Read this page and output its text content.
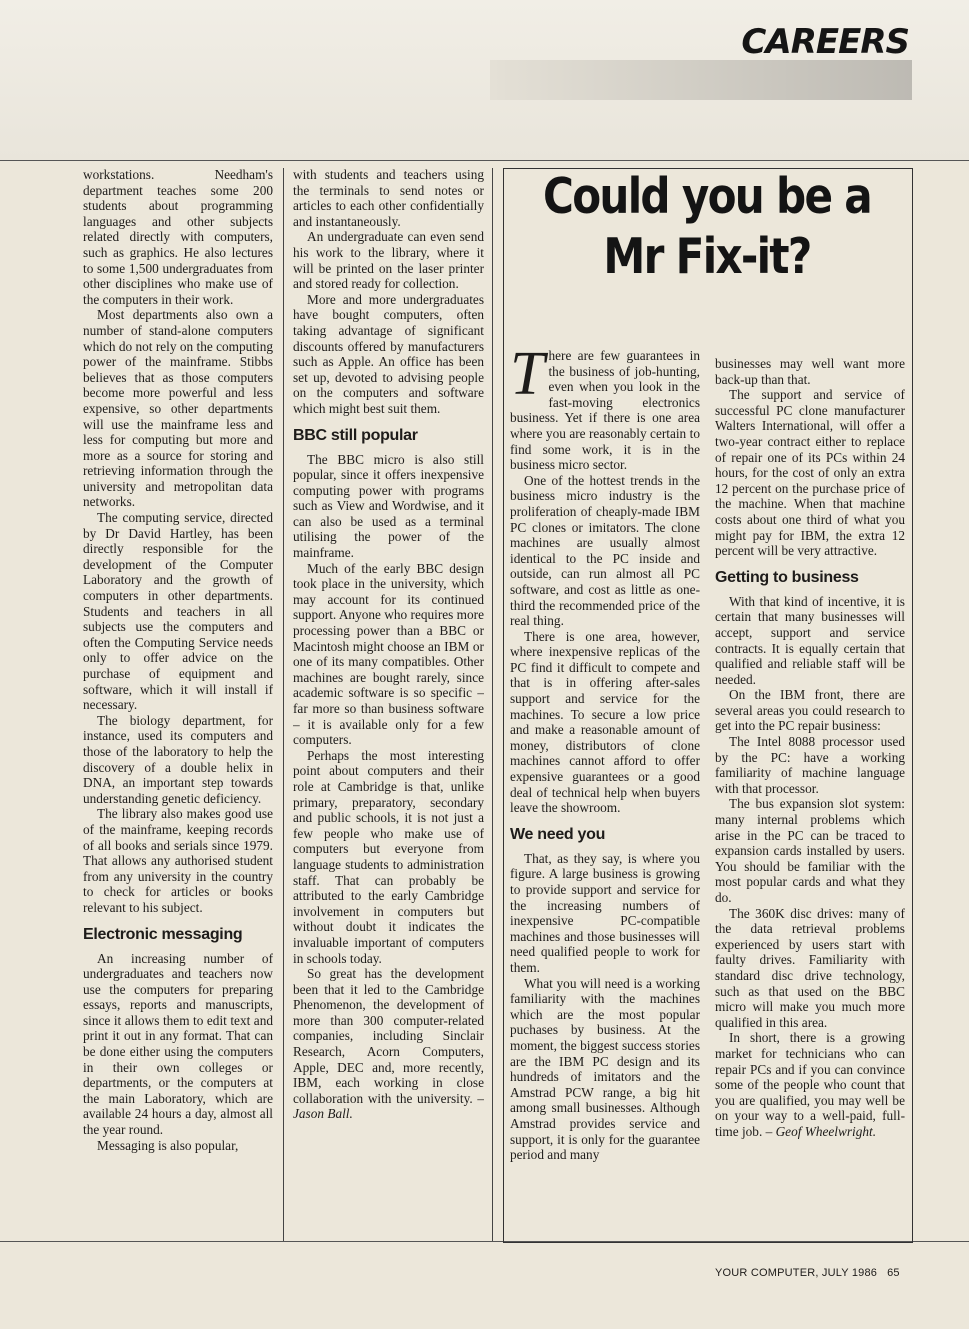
CAREERS

workstations. Needham's department teaches some 200 students about programming languages and other subjects related directly with computers, such as graphics. He also lectures to some 1,500 undergraduates from other disciplines who make use of the computers in their work.

Most departments also own a number of stand-alone computers which do not rely on the computing power of the mainframe. Stibbs believes that as those computers become more powerful and less expensive, so other departments will use the mainframe less and less for computing but more and more as a source for storing and retrieving information through the university and metropolitan data networks.

The computing service, directed by Dr David Hartley, has been directly responsible for the development of the Computer Laboratory and the growth of computers in other departments. Students and teachers in all subjects use the computers and often the Computing Service needs only to offer advice on the purchase of equipment and software, which it will install if necessary.

The biology department, for instance, used its computers and those of the laboratory to help the discovery of a double helix in DNA, an important step towards understanding genetic deficiency.

The library also makes good use of the mainframe, keeping records of all books and serials since 1979. That allows any authorised student from any university in the country to check for articles or books relevant to his subject.

Electronic messaging

An increasing number of undergraduates and teachers now use the computers for preparing essays, reports and manuscripts, since it allows them to edit text and print it out in any format. That can be done either using the computers in their own colleges or departments, or the computers at the main Laboratory, which are available 24 hours a day, almost all the year round.

Messaging is also popular,

with students and teachers using the terminals to send notes or articles to each other confidentially and instantaneously.

An undergraduate can even send his work to the library, where it will be printed on the laser printer and stored ready for collection.

More and more undergraduates have bought computers, often taking advantage of significant discounts offered by manufacturers such as Apple. An office has been set up, devoted to advising people on the computers and software which might best suit them.

BBC still popular

The BBC micro is also still popular, since it offers inexpensive computing power with programs such as View and Wordwise, and it can also be used as a terminal utilising the power of the mainframe.

Much of the early BBC design took place in the university, which may account for its continued support. Anyone who requires more processing power than a BBC or Macintosh might choose an IBM or one of its many compatibles. Other machines are bought rarely, since academic software is so specific – far more so than business software – it is available only for a few computers.

Perhaps the most interesting point about computers and their role at Cambridge is that, unlike primary, preparatory, secondary and public schools, it is not just a few people who make use of computers but everyone from language students to administration staff. That can probably be attributed to the early Cambridge involvement in computers but without doubt it indicates the invaluable important of computers in schools today.

So great has the development been that it led to the Cambridge Phenomenon, the development of more than 300 computer-related companies, including Sinclair Research, Acorn Computers, Apple, DEC and, more recently, IBM, each working in close collaboration with the university. – Jason Ball.

Could you be a Mr Fix-it?

There are few guarantees in the business of job-hunting, even when you look in the fast-moving electronics business. Yet if there is one area where you are reasonably certain to find some work, it is in the business micro sector.

One of the hottest trends in the business micro industry is the proliferation of cheaply-made IBM PC clones or imitators. The clone machines are usually almost identical to the PC inside and outside, can run almost all PC software, and cost as little as one-third the recommended price of the real thing.

There is one area, however, where inexpensive replicas of the PC find it difficult to compete and that is in offering after-sales support and service for the machines. To secure a low price and make a reasonable amount of money, distributors of clone machines cannot afford to offer expensive guarantees or a good deal of technical help when buyers leave the showroom.

We need you

That, as they say, is where you figure. A large business is growing to provide support and service for the increasing numbers of inexpensive PC-compatible machines and those businesses will need qualified people to work for them.

What you will need is a working familiarity with the machines which are the most popular puchases by business. At the moment, the biggest success stories are the IBM PC design and its hundreds of imitators and the Amstrad PCW range, a big hit among small businesses. Although Amstrad provides service and support, it is only for the guarantee period and many

businesses may well want more back-up than that.

The support and service of successful PC clone manufacturer Walters International, will offer a two-year contract either to replace of repair one of its PCs within 24 hours, for the cost of only an extra 12 percent on the purchase price of the machine. When that machine costs about one third of what you might pay for IBM, the extra 12 percent will be very attractive.

Getting to business

With that kind of incentive, it is certain that many businesses will accept, support and service contracts. It is equally certain that qualified and reliable staff will be needed.

On the IBM front, there are several areas you could research to get into the PC repair business:

The Intel 8088 processor used by the PC: have a working familiarity of machine language with that processor.

The bus expansion slot system: many internal problems which arise in the PC can be traced to expansion cards installed by users. You should be familiar with the most popular cards and what they do.

The 360K disc drives: many of the data retrieval problems experienced by users start with faulty drives. Familiarity with standard disc drive technology, such as that used on the BBC micro will make you much more qualified in this area.

In short, there is a growing market for technicians who can repair PCs and if you can convince some of the people who count that you are qualified, you may well be on your way to a well-paid, full-time job. – Geof Wheelwright.

YOUR COMPUTER, JULY 1986 65
